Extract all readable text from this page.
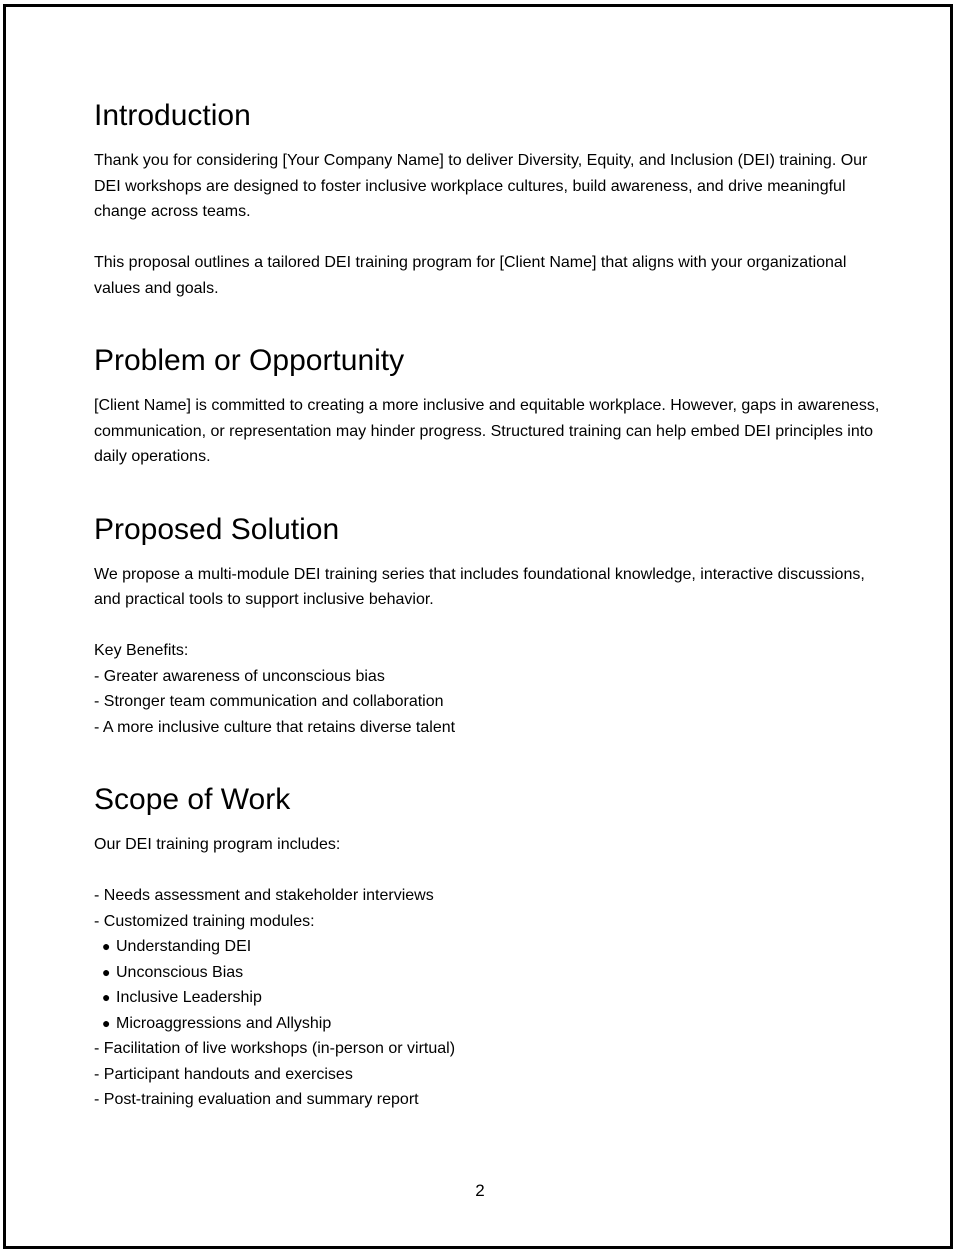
Introduction

Thank you for considering [Your Company Name] to deliver Diversity, Equity, and Inclusion (DEI) training. Our DEI workshops are designed to foster inclusive workplace cultures, build awareness, and drive meaningful change across teams.

This proposal outlines a tailored DEI training program for [Client Name] that aligns with your organizational values and goals.

Problem or Opportunity

[Client Name] is committed to creating a more inclusive and equitable workplace. However, gaps in awareness, communication, or representation may hinder progress. Structured training can help embed DEI principles into daily operations.

Proposed Solution

We propose a multi-module DEI training series that includes foundational knowledge, interactive discussions, and practical tools to support inclusive behavior.

Key Benefits:

- Greater awareness of unconscious bias

- Stronger team communication and collaboration

- A more inclusive culture that retains diverse talent

Scope of Work

Our DEI training program includes:

- Needs assessment and stakeholder interviews

- Customized training modules:

● Understanding DEI
● Unconscious Bias
● Inclusive Leadership
● Microaggressions and Allyship

- Facilitation of live workshops (in-person or virtual)

- Participant handouts and exercises

- Post-training evaluation and summary report

2
